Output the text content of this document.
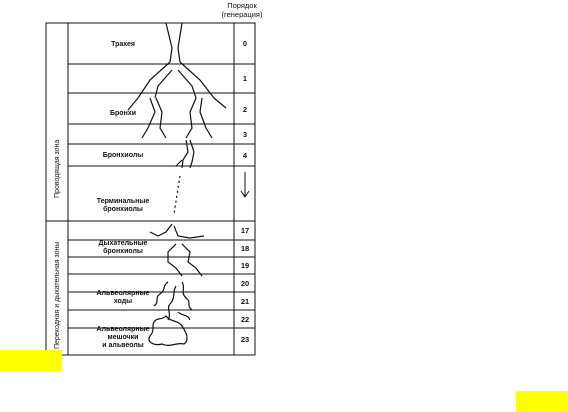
Порядок
(генерация)
Проводящая зона
Переходная и дыхательная зоны
Трахея
Бронхи
Бронхиолы
Терминальные
бронхиолы
Дыхательные
бронхиолы
Альвеолярные
ходы
Альвеолярные
мешочки
и альвеолы
0
1
2
3
4
17
18
19
20
21
22
23
